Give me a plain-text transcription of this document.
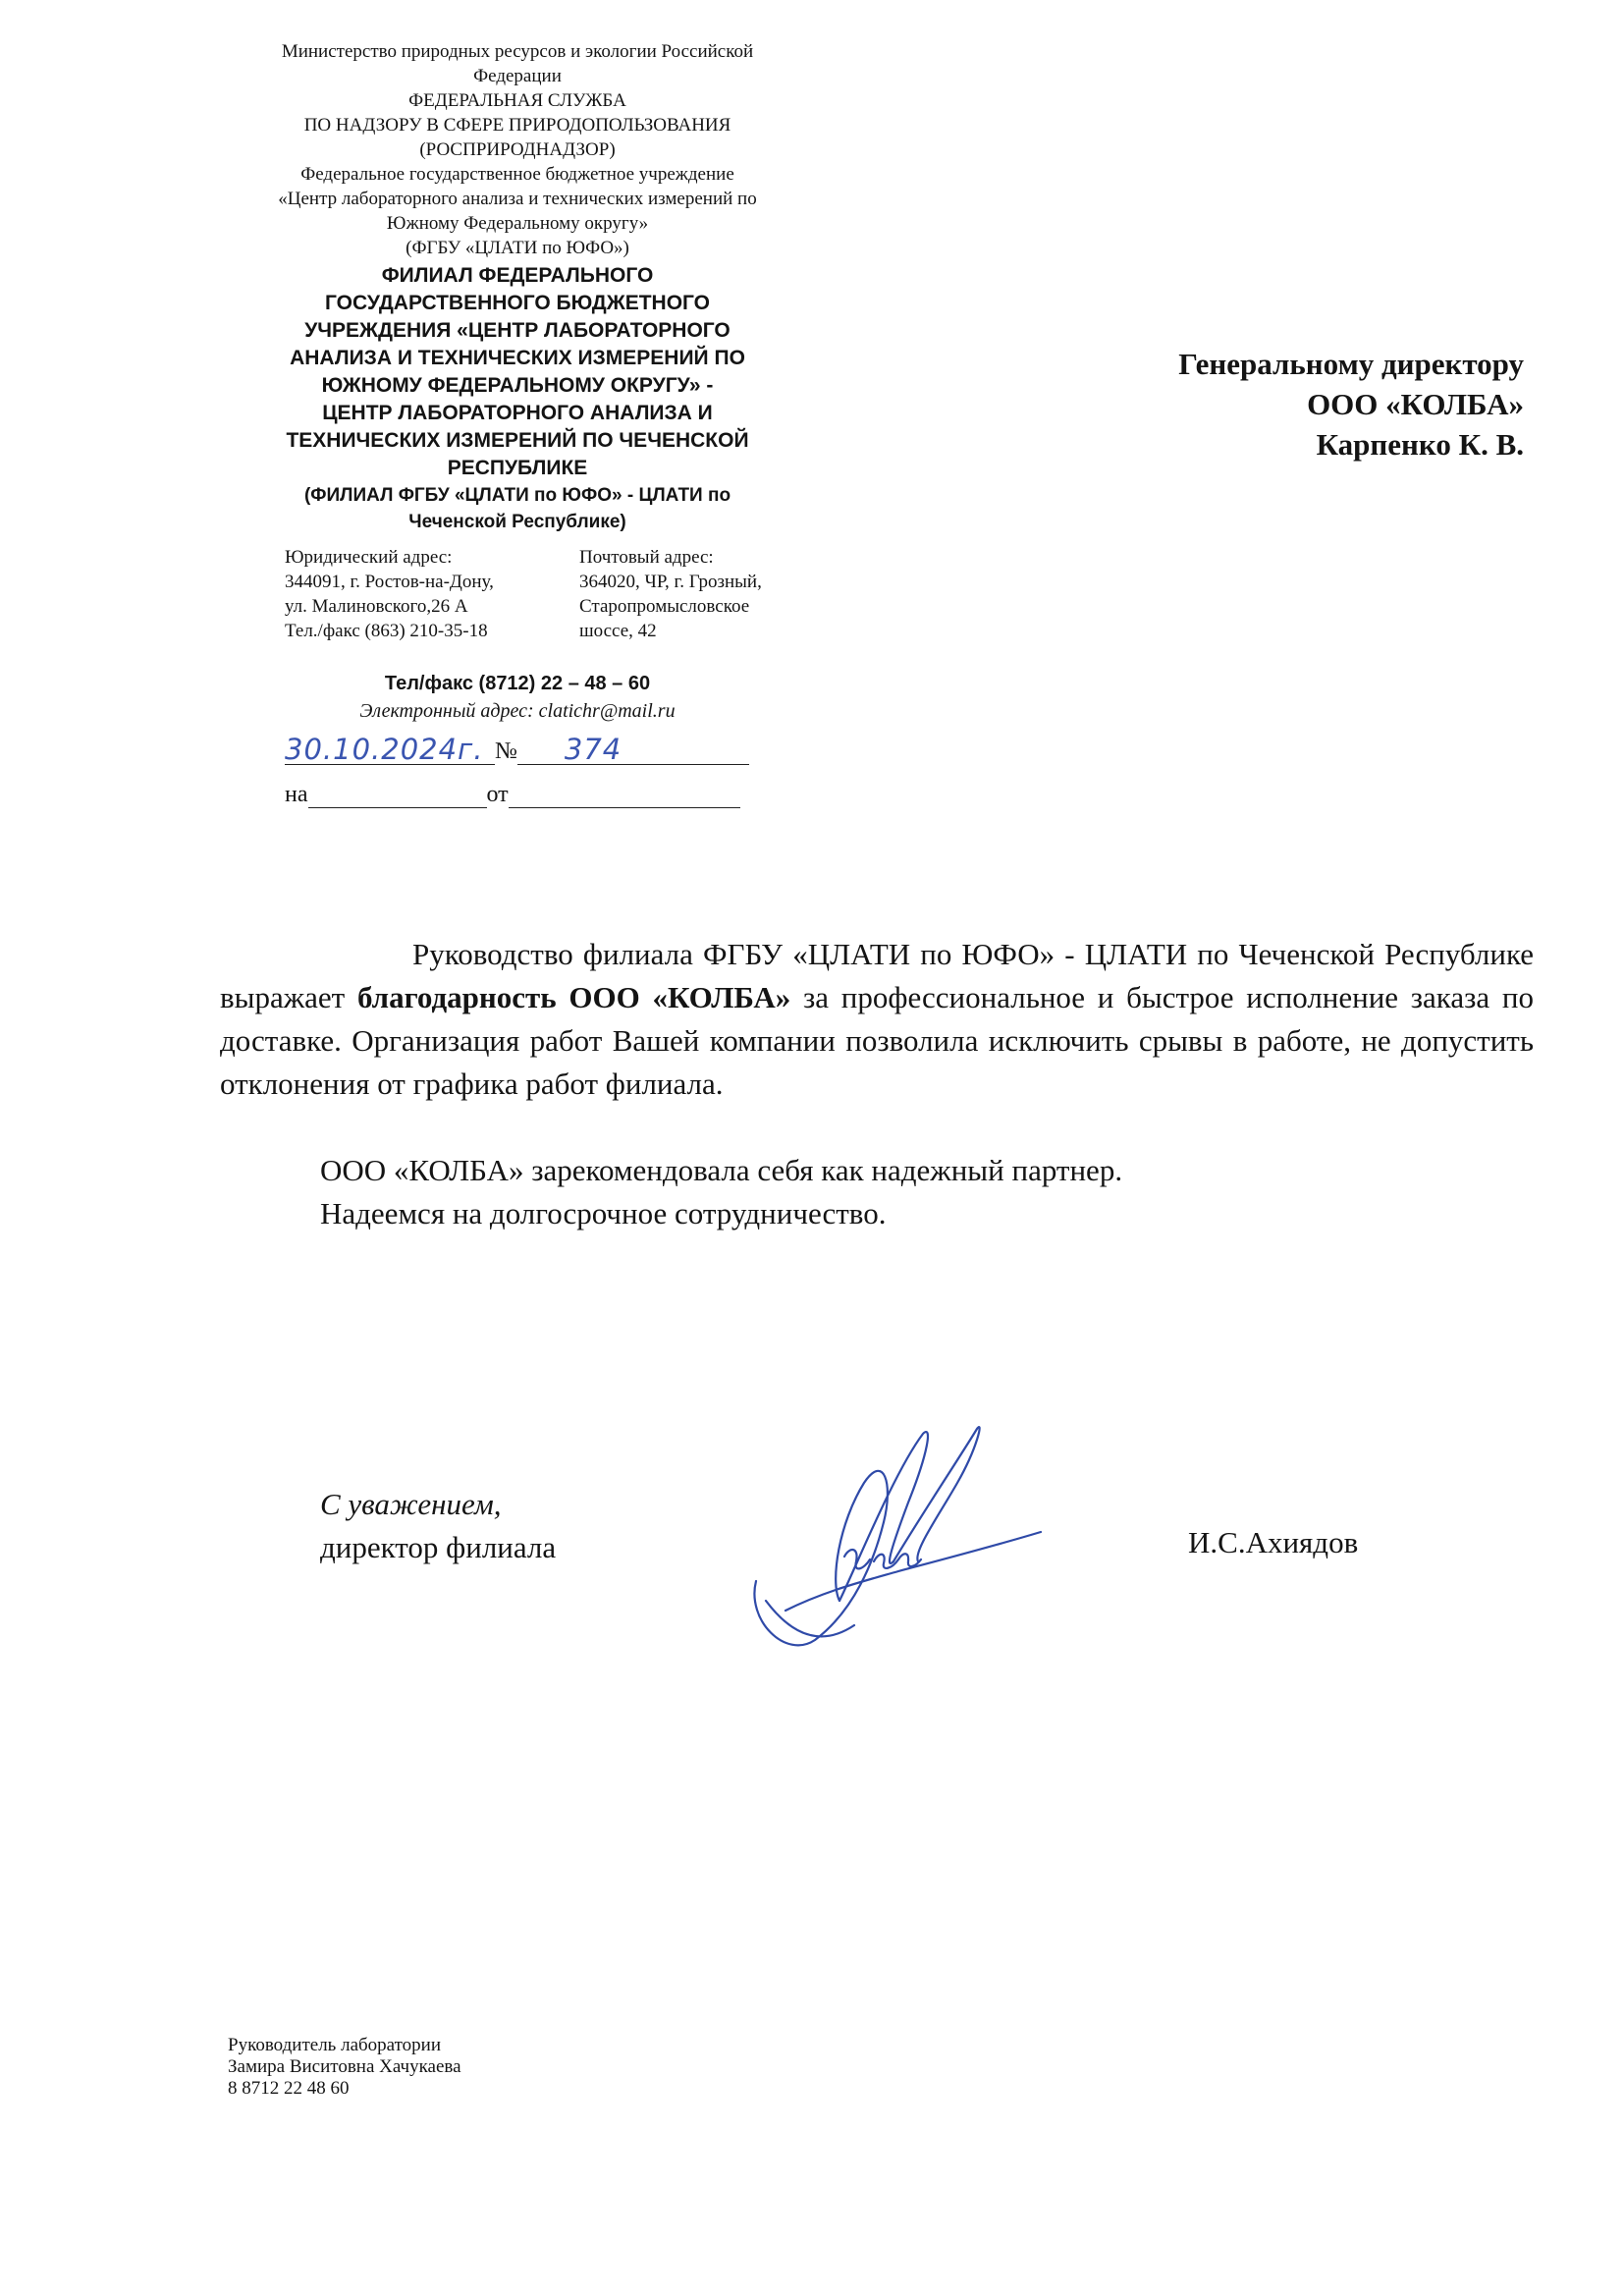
Министерство природных ресурсов и экологии Российской
Федерации
ФЕДЕРАЛЬНАЯ СЛУЖБА
ПО НАДЗОРУ В СФЕРЕ ПРИРОДОПОЛЬЗОВАНИЯ
(РОСПРИРОДНАДЗОР)
Федеральное государственное бюджетное учреждение
«Центр лабораторного анализа и технических измерений по
Южному Федеральному округу»
(ФГБУ «ЦЛАТИ по ЮФО»)
ФИЛИАЛ ФЕДЕРАЛЬНОГО
ГОСУДАРСТВЕННОГО БЮДЖЕТНОГО
УЧРЕЖДЕНИЯ «ЦЕНТР ЛАБОРАТОРНОГО
АНАЛИЗА И ТЕХНИЧЕСКИХ ИЗМЕРЕНИЙ ПО
ЮЖНОМУ ФЕДЕРАЛЬНОМУ ОКРУГУ» -
ЦЕНТР ЛАБОРАТОРНОГО АНАЛИЗА И
ТЕХНИЧЕСКИХ ИЗМЕРЕНИЙ ПО ЧЕЧЕНСКОЙ
РЕСПУБЛИКЕ
(ФИЛИАЛ ФГБУ «ЦЛАТИ по ЮФО» - ЦЛАТИ по
Чеченской Республике)
Юридический адрес:
344091, г. Ростов-на-Дону,
ул. Малиновского,26 А
Тел./факс (863) 210-35-18
Почтовый адрес:
364020, ЧР, г. Грозный,
Старопромысловское
шоссе, 42
Тел/факс (8712) 22 – 48 – 60
Электронный адрес: clatichr@mail.ru
30.10.2024г. № 374
на	от
Генеральному директору
ООО «КОЛБА»
Карпенко К. В.
Руководство филиала ФГБУ «ЦЛАТИ по ЮФО» - ЦЛАТИ по Чеченской Республике выражает благодарность ООО «КОЛБА» за профессиональное и быстрое исполнение заказа по доставке. Организация работ Вашей компании позволила исключить срывы в работе, не допустить отклонения от графика работ филиала.
ООО «КОЛБА» зарекомендовала себя как надежный партнер.
Надеемся на долгосрочное сотрудничество.
С уважением,
директор филиала	И.С.Ахиядов
Руководитель лаборатории
Замира Виситовна Хачукаева
8 8712 22 48 60
